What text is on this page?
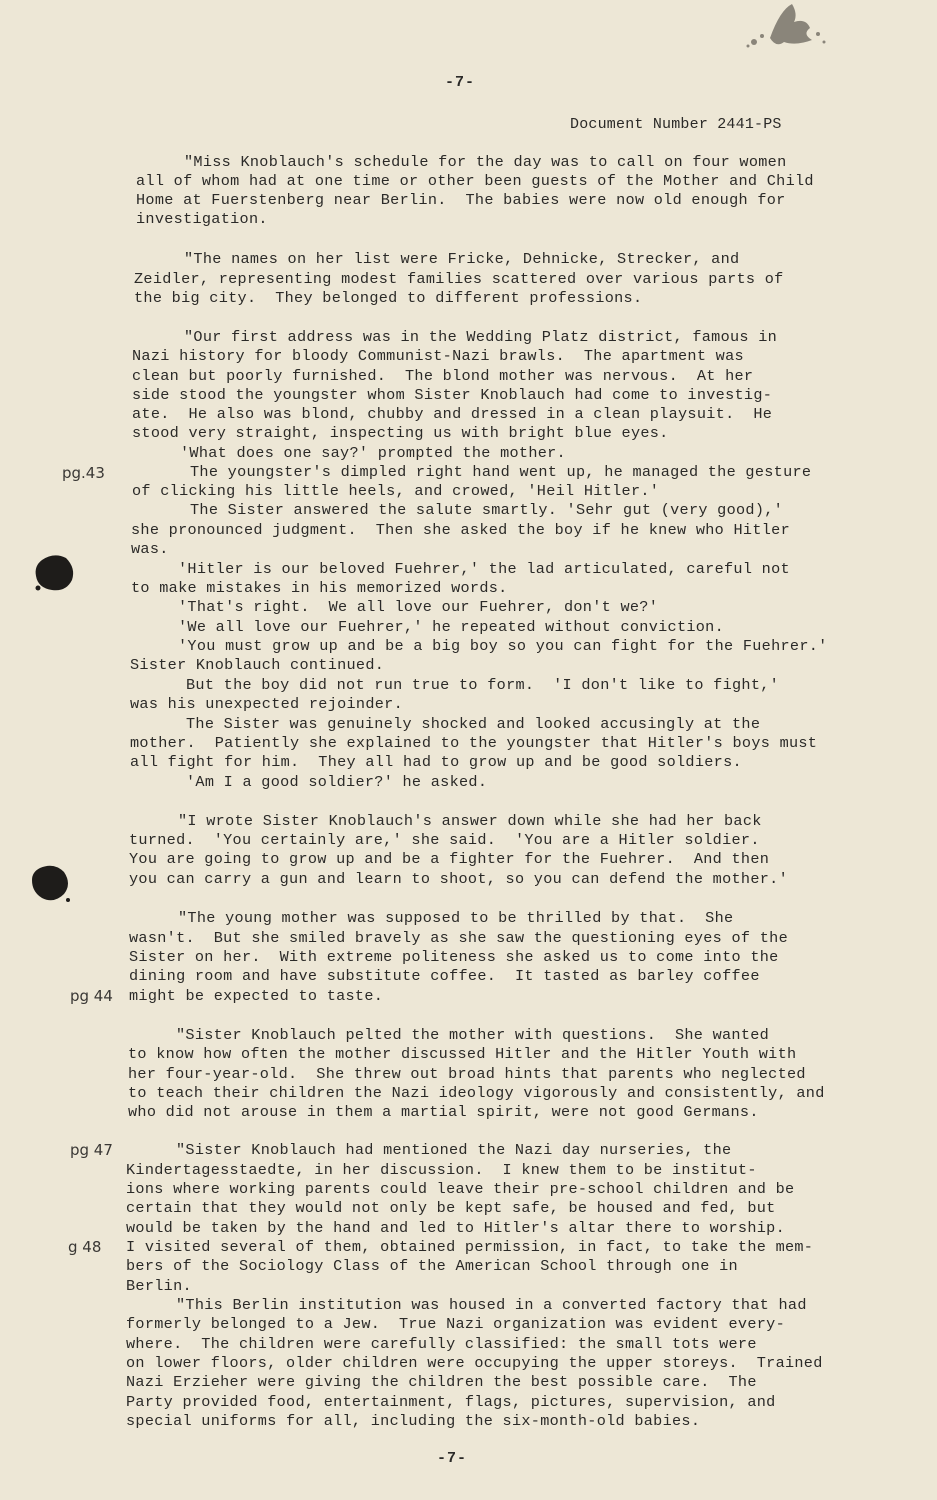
-7-
Document Number 2441-PS
pg.43
pg 44
pg 47
g 48
"Miss Knoblauch's schedule for the day was to call on four women
all of whom had at one time or other been guests of the Mother and Child
Home at Fuerstenberg near Berlin.  The babies were now old enough for
investigation.
"The names on her list were Fricke, Dehnicke, Strecker, and
Zeidler, representing modest families scattered over various parts of
the big city.  They belonged to different professions.
"Our first address was in the Wedding Platz district, famous in
Nazi history for bloody Communist-Nazi brawls.  The apartment was
clean but poorly furnished.  The blond mother was nervous.  At her
side stood the youngster whom Sister Knoblauch had come to investig-
ate.  He also was blond, chubby and dressed in a clean playsuit.  He
stood very straight, inspecting us with bright blue eyes.
'What does one say?' prompted the mother.
The youngster's dimpled right hand went up, he managed the gesture
of clicking his little heels, and crowed, 'Heil Hitler.'
The Sister answered the salute smartly. 'Sehr gut (very good),'
she pronounced judgment.  Then she asked the boy if he knew who Hitler
was.
'Hitler is our beloved Fuehrer,' the lad articulated, careful not
to make mistakes in his memorized words.
'That's right.  We all love our Fuehrer, don't we?'
'We all love our Fuehrer,' he repeated without conviction.
'You must grow up and be a big boy so you can fight for the Fuehrer.'
Sister Knoblauch continued.
But the boy did not run true to form.  'I don't like to fight,'
was his unexpected rejoinder.
The Sister was genuinely shocked and looked accusingly at the
mother.  Patiently she explained to the youngster that Hitler's boys must
all fight for him.  They all had to grow up and be good soldiers.
'Am I a good soldier?' he asked.
"I wrote Sister Knoblauch's answer down while she had her back
turned.  'You certainly are,' she said.  'You are a Hitler soldier.
You are going to grow up and be a fighter for the Fuehrer.  And then
you can carry a gun and learn to shoot, so you can defend the mother.'
"The young mother was supposed to be thrilled by that.  She
wasn't.  But she smiled bravely as she saw the questioning eyes of the
Sister on her.  With extreme politeness she asked us to come into the
dining room and have substitute coffee.  It tasted as barley coffee
might be expected to taste.
"Sister Knoblauch pelted the mother with questions.  She wanted
to know how often the mother discussed Hitler and the Hitler Youth with
her four-year-old.  She threw out broad hints that parents who neglected
to teach their children the Nazi ideology vigorously and consistently, and
who did not arouse in them a martial spirit, were not good Germans.
"Sister Knoblauch had mentioned the Nazi day nurseries, the
Kindertagesstaedte, in her discussion.  I knew them to be institut-
ions where working parents could leave their pre-school children and be
certain that they would not only be kept safe, be housed and fed, but
would be taken by the hand and led to Hitler's altar there to worship.
I visited several of them, obtained permission, in fact, to take the mem-
bers of the Sociology Class of the American School through one in
Berlin.
"This Berlin institution was housed in a converted factory that had
formerly belonged to a Jew.  True Nazi organization was evident every-
where.  The children were carefully classified: the small tots were
on lower floors, older children were occupying the upper storeys.  Trained
Nazi Erzieher were giving the children the best possible care.  The
Party provided food, entertainment, flags, pictures, supervision, and
special uniforms for all, including the six-month-old babies.
-7-
